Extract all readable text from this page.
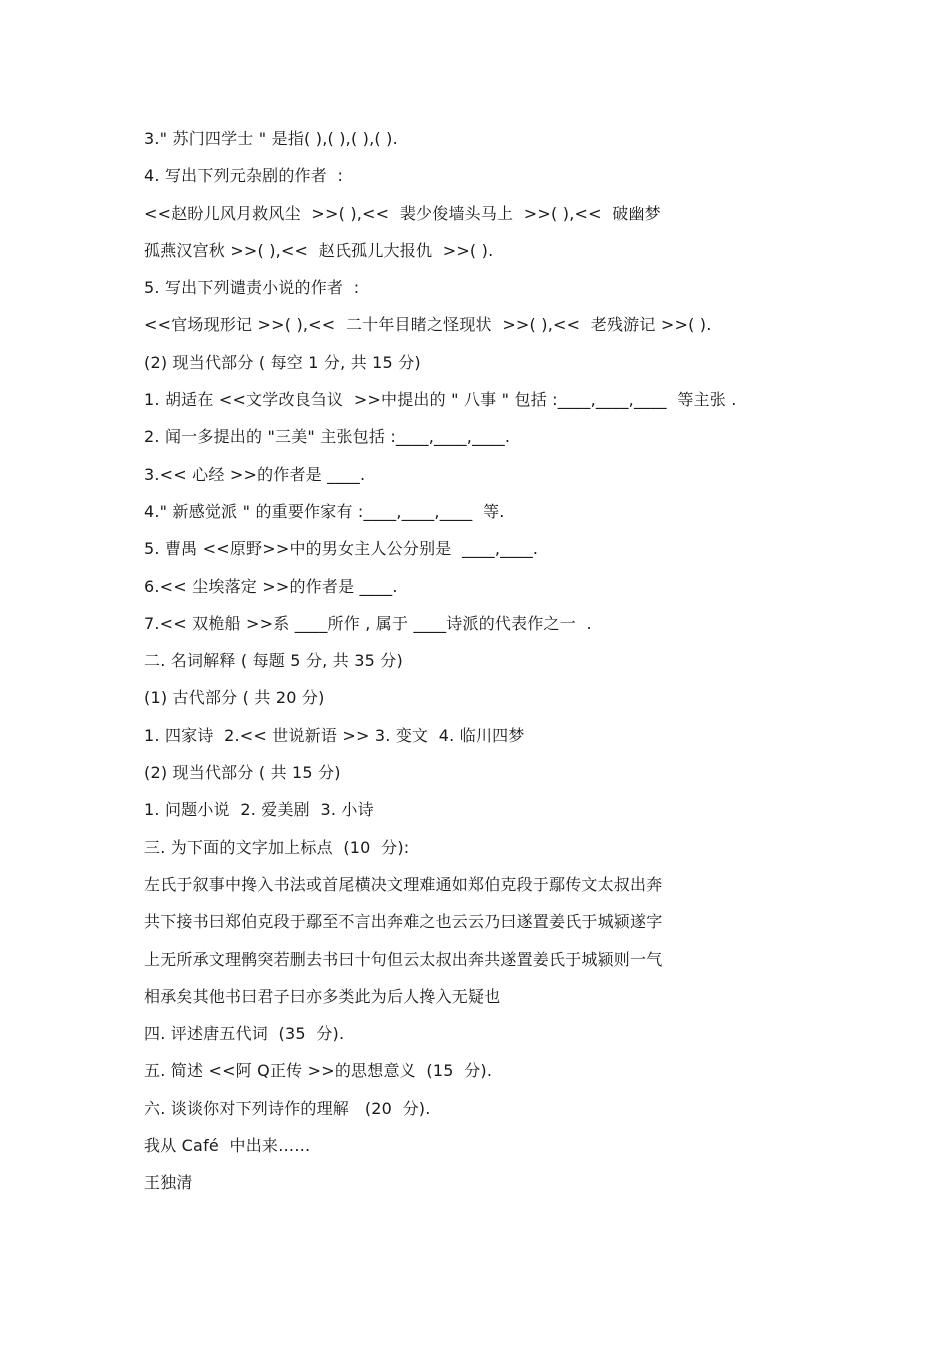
3." 苏门四学士 " 是指( ),( ),( ),( ).
4. 写出下列元杂剧的作者  :
<<赵盼儿风月救风尘  >>( ),<<  裴少俊墙头马上  >>( ),<<  破幽梦
孤燕汉宫秋 >>( ),<<  赵氏孤儿大报仇  >>( ).
5. 写出下列谴责小说的作者  :
<<官场现形记 >>( ),<<  二十年目睹之怪现状  >>( ),<<  老残游记 >>( ).
(2) 现当代部分 ( 每空 1 分, 共 15 分)
1. 胡适在 <<文学改良刍议  >>中提出的 " 八事 " 包括 :____,____,____  等主张 .
2. 闻一多提出的 "三美" 主张包括 :____,____,____.
3.<< 心经 >>的作者是 ____.
4." 新感觉派 " 的重要作家有 :____,____,____  等.
5. 曹禺 <<原野>>中的男女主人公分别是  ____,____.
6.<< 尘埃落定 >>的作者是 ____.
7.<< 双桅船 >>系 ____所作 , 属于 ____诗派的代表作之一  .
二. 名词解释 ( 每题 5 分, 共 35 分)
(1) 古代部分 ( 共 20 分)
1. 四家诗  2.<< 世说新语 >> 3. 变文  4. 临川四梦
(2) 现当代部分 ( 共 15 分)
1. 问题小说  2. 爱美剧  3. 小诗
三. 为下面的文字加上标点  (10  分):
左氏于叙事中搀入书法或首尾横决文理难通如郑伯克段于鄢传文太叔出奔
共下接书曰郑伯克段于鄢至不言出奔难之也云云乃曰遂置姜氏于城颍遂字
上无所承文理鹘突若删去书曰十句但云太叔出奔共遂置姜氏于城颍则一气
相承矣其他书曰君子曰亦多类此为后人搀入无疑也
四. 评述唐五代词  (35  分).
五. 简述 <<阿 Q正传 >>的思想意义  (15  分).
六. 谈谈你对下列诗作的理解   (20  分).
我从 Café  中出来……
王独清
